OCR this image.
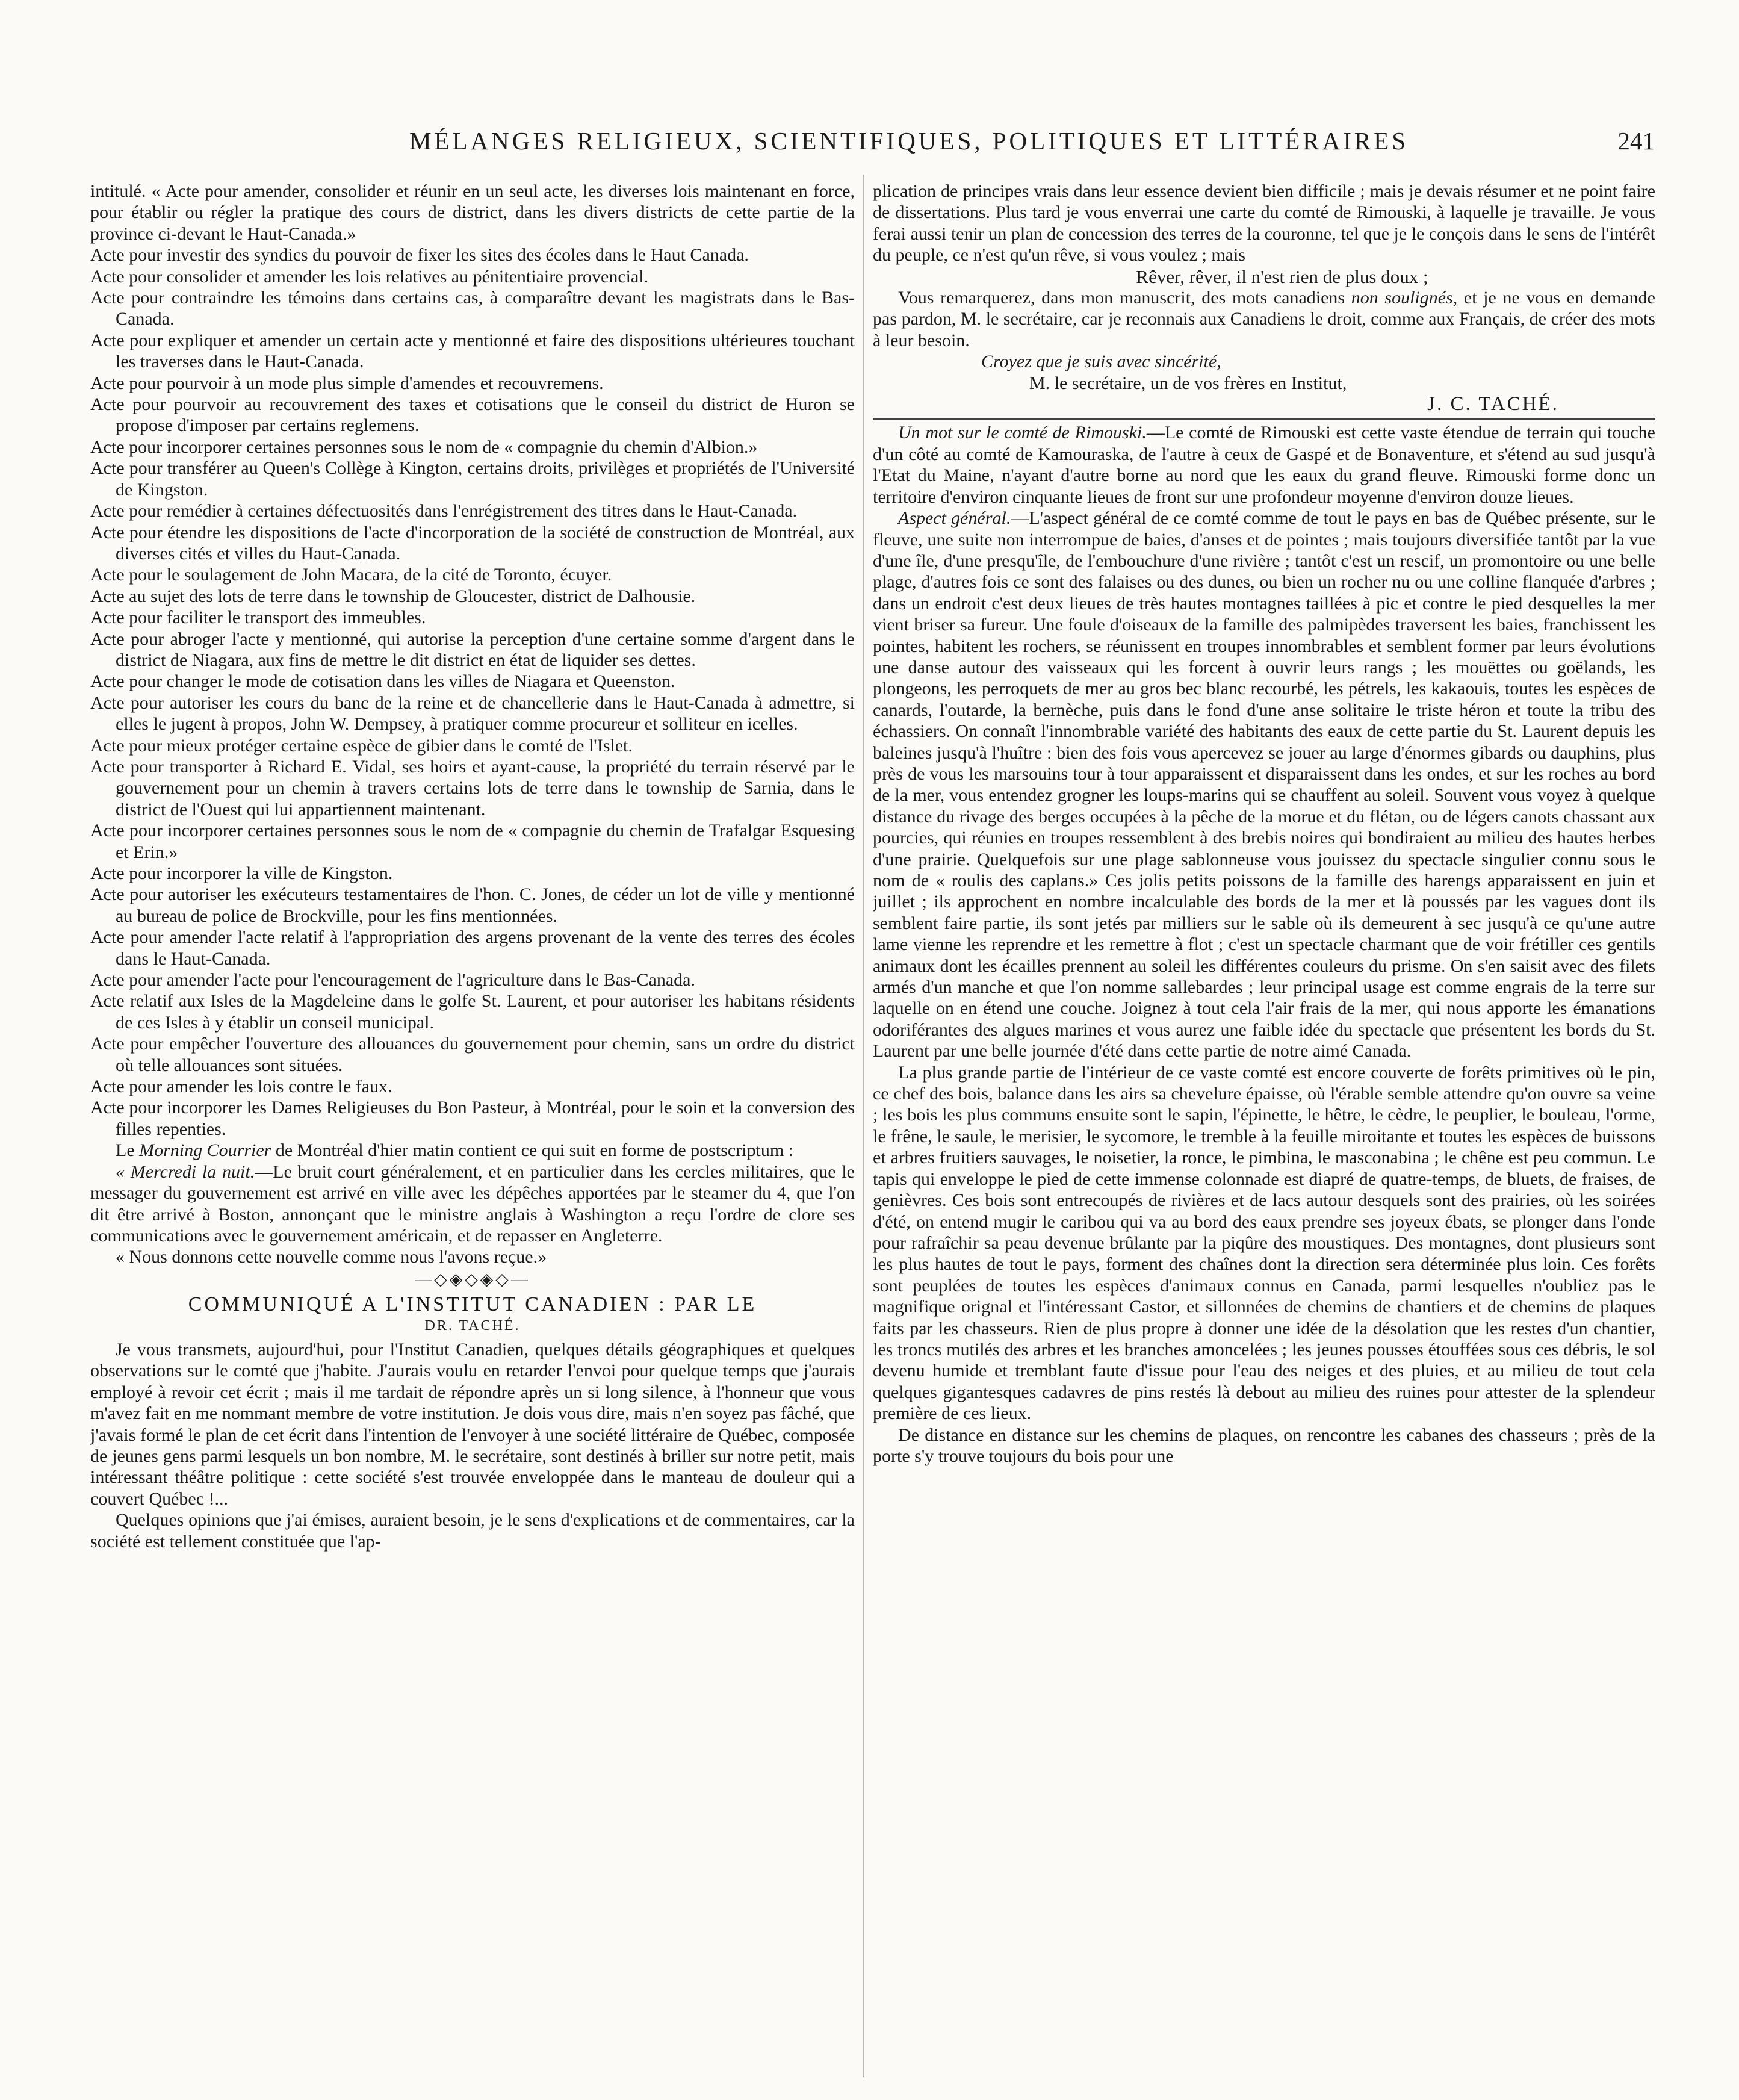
MÉLANGES RELIGIEUX, SCIENTIFIQUES, POLITIQUES ET LITTÉRAIRES	241

intitulé. « Acte pour amender, consolider et réunir en un seul acte, les diverses lois maintenant en force, pour établir ou régler la pratique des cours de district, dans les divers districts de cette partie de la province ci-devant le Haut-Canada.»

Acte pour investir des syndics du pouvoir de fixer les sites des écoles dans le Haut Canada.

Acte pour consolider et amender les lois relatives au pénitentiaire provencial.

Acte pour contraindre les témoins dans certains cas, à comparaître devant les magistrats dans le Bas-Canada.

Acte pour expliquer et amender un certain acte y mentionné et faire des dispositions ultérieures touchant les traverses dans le Haut-Canada.

Acte pour pourvoir à un mode plus simple d'amendes et recouvremens.

Acte pour pourvoir au recouvrement des taxes et cotisations que le conseil du district de Huron se propose d'imposer par certains reglemens.

Acte pour incorporer certaines personnes sous le nom de « compagnie du chemin d'Albion.»

Acte pour transférer au Queen's Collège à Kington, certains droits, privilèges et propriétés de l'Université de Kingston.

Acte pour remédier à certaines défectuosités dans l'enrégistrement des titres dans le Haut-Canada.

Acte pour étendre les dispositions de l'acte d'incorporation de la société de construction de Montréal, aux diverses cités et villes du Haut-Canada.

Acte pour le soulagement de John Macara, de la cité de Toronto, écuyer.

Acte au sujet des lots de terre dans le township de Gloucester, district de Dalhousie.

Acte pour faciliter le transport des immeubles.

Acte pour abroger l'acte y mentionné, qui autorise la perception d'une certaine somme d'argent dans le district de Niagara, aux fins de mettre le dit district en état de liquider ses dettes.

Acte pour changer le mode de cotisation dans les villes de Niagara et Queenston.

Acte pour autoriser les cours du banc de la reine et de chancellerie dans le Haut-Canada à admettre, si elles le jugent à propos, John W. Dempsey, à pratiquer comme procureur et solliteur en icelles.

Acte pour mieux protéger certaine espèce de gibier dans le comté de l'Islet.

Acte pour transporter à Richard E. Vidal, ses hoirs et ayant-cause, la propriété du terrain réservé par le gouvernement pour un chemin à travers certains lots de terre dans le township de Sarnia, dans le district de l'Ouest qui lui appartiennent maintenant.

Acte pour incorporer certaines personnes sous le nom de « compagnie du chemin de Trafalgar Esquesing et Erin.»

Acte pour incorporer la ville de Kingston.

Acte pour autoriser les exécuteurs testamentaires de l'hon. C. Jones, de céder un lot de ville y mentionné au bureau de police de Brockville, pour les fins mentionnées.

Acte pour amender l'acte relatif à l'appropriation des argens provenant de la vente des terres des écoles dans le Haut-Canada.

Acte pour amender l'acte pour l'encouragement de l'agriculture dans le Bas-Canada.

Acte relatif aux Isles de la Magdeleine dans le golfe St. Laurent, et pour autoriser les habitans résidents de ces Isles à y établir un conseil municipal.

Acte pour empêcher l'ouverture des allouances du gouvernement pour chemin, sans un ordre du district où telle allouances sont situées.

Acte pour amender les lois contre le faux.

Acte pour incorporer les Dames Religieuses du Bon Pasteur, à Montréal, pour le soin et la conversion des filles repenties.

Le Morning Courrier de Montréal d'hier matin contient ce qui suit en forme de postscriptum :

« Mercredi la nuit.—Le bruit court généralement, et en particulier dans les cercles militaires, que le messager du gouvernement est arrivé en ville avec les dépêches apportées par le steamer du 4, que l'on dit être arrivé à Boston, annonçant que le ministre anglais à Washington a reçu l'ordre de clore ses communications avec le gouvernement américain, et de repasser en Angleterre.

« Nous donnons cette nouvelle comme nous l'avons reçue.»

—◇◈◇◈◇—
COMMUNIQUÉ A L'INSTITUT CANADIEN : PAR LE
DR. TACHÉ.

Je vous transmets, aujourd'hui, pour l'Institut Canadien, quelques détails géographiques et quelques observations sur le comté que j'habite. J'aurais voulu en retarder l'envoi pour quelque temps que j'aurais employé à revoir cet écrit ; mais il me tardait de répondre après un si long silence, à l'honneur que vous m'avez fait en me nommant membre de votre institution. Je dois vous dire, mais n'en soyez pas fâché, que j'avais formé le plan de cet écrit dans l'intention de l'envoyer à une société littéraire de Québec, composée de jeunes gens parmi lesquels un bon nombre, M. le secrétaire, sont destinés à briller sur notre petit, mais intéressant théâtre politique : cette société s'est trouvée enveloppée dans le manteau de douleur qui a couvert Québec !...

Quelques opinions que j'ai émises, auraient besoin, je le sens d'explications et de commentaires, car la société est tellement constituée que l'ap-

plication de principes vrais dans leur essence devient bien difficile ; mais je devais résumer et ne point faire de dissertations. Plus tard je vous enverrai une carte du comté de Rimouski, à laquelle je travaille. Je vous ferai aussi tenir un plan de concession des terres de la couronne, tel que je le conçois dans le sens de l'intérêt du peuple, ce n'est qu'un rêve, si vous voulez ; mais

Rêver, rêver, il n'est rien de plus doux ;

Vous remarquerez, dans mon manuscrit, des mots canadiens non soulignés, et je ne vous en demande pas pardon, M. le secrétaire, car je reconnais aux Canadiens le droit, comme aux Français, de créer des mots à leur besoin.

Croyez que je suis avec sincérité,

M. le secrétaire, un de vos frères en Institut,

J. C. TACHÉ.

Un mot sur le comté de Rimouski.—Le comté de Rimouski est cette vaste étendue de terrain qui touche d'un côté au comté de Kamouraska, de l'autre à ceux de Gaspé et de Bonaventure, et s'étend au sud jusqu'à l'Etat du Maine, n'ayant d'autre borne au nord que les eaux du grand fleuve. Rimouski forme donc un territoire d'environ cinquante lieues de front sur une profondeur moyenne d'environ douze lieues.

Aspect général.—L'aspect général de ce comté comme de tout le pays en bas de Québec présente, sur le fleuve, une suite non interrompue de baies, d'anses et de pointes ; mais toujours diversifiée tantôt par la vue d'une île, d'une presqu'île, de l'embouchure d'une rivière ; tantôt c'est un rescif, un promontoire ou une belle plage, d'autres fois ce sont des falaises ou des dunes, ou bien un rocher nu ou une colline flanquée d'arbres ; dans un endroit c'est deux lieues de très hautes montagnes taillées à pic et contre le pied desquelles la mer vient briser sa fureur. Une foule d'oiseaux de la famille des palmipèdes traversent les baies, franchissent les pointes, habitent les rochers, se réunissent en troupes innombrables et semblent former par leurs évolutions une danse autour des vaisseaux qui les forcent à ouvrir leurs rangs ; les mouëttes ou goëlands, les plongeons, les perroquets de mer au gros bec blanc recourbé, les pétrels, les kakaouis, toutes les espèces de canards, l'outarde, la bernèche, puis dans le fond d'une anse solitaire le triste héron et toute la tribu des échassiers. On connaît l'innombrable variété des habitants des eaux de cette partie du St. Laurent depuis les baleines jusqu'à l'huître : bien des fois vous apercevez se jouer au large d'énormes gibards ou dauphins, plus près de vous les marsouins tour à tour apparaissent et disparaissent dans les ondes, et sur les roches au bord de la mer, vous entendez grogner les loups-marins qui se chauffent au soleil. Souvent vous voyez à quelque distance du rivage des berges occupées à la pêche de la morue et du flétan, ou de légers canots chassant aux pourcies, qui réunies en troupes ressemblent à des brebis noires qui bondiraient au milieu des hautes herbes d'une prairie. Quelquefois sur une plage sablonneuse vous jouissez du spectacle singulier connu sous le nom de « roulis des caplans.» Ces jolis petits poissons de la famille des harengs apparaissent en juin et juillet ; ils approchent en nombre incalculable des bords de la mer et là poussés par les vagues dont ils semblent faire partie, ils sont jetés par milliers sur le sable où ils demeurent à sec jusqu'à ce qu'une autre lame vienne les reprendre et les remettre à flot ; c'est un spectacle charmant que de voir frétiller ces gentils animaux dont les écailles prennent au soleil les différentes couleurs du prisme. On s'en saisit avec des filets armés d'un manche et que l'on nomme sallebardes ; leur principal usage est comme engrais de la terre sur laquelle on en étend une couche. Joignez à tout cela l'air frais de la mer, qui nous apporte les émanations odoriférantes des algues marines et vous aurez une faible idée du spectacle que présentent les bords du St. Laurent par une belle journée d'été dans cette partie de notre aimé Canada.

La plus grande partie de l'intérieur de ce vaste comté est encore couverte de forêts primitives où le pin, ce chef des bois, balance dans les airs sa chevelure épaisse, où l'érable semble attendre qu'on ouvre sa veine ; les bois les plus communs ensuite sont le sapin, l'épinette, le hêtre, le cèdre, le peuplier, le bouleau, l'orme, le frêne, le saule, le merisier, le sycomore, le tremble à la feuille miroitante et toutes les espèces de buissons et arbres fruitiers sauvages, le noisetier, la ronce, le pimbina, le masconabina ; le chêne est peu commun. Le tapis qui enveloppe le pied de cette immense colonnade est diapré de quatre-temps, de bluets, de fraises, de genièvres. Ces bois sont entrecoupés de rivières et de lacs autour desquels sont des prairies, où les soirées d'été, on entend mugir le caribou qui va au bord des eaux prendre ses joyeux ébats, se plonger dans l'onde pour rafraîchir sa peau devenue brûlante par la piqûre des moustiques. Des montagnes, dont plusieurs sont les plus hautes de tout le pays, forment des chaînes dont la direction sera déterminée plus loin. Ces forêts sont peuplées de toutes les espèces d'animaux connus en Canada, parmi lesquelles n'oubliez pas le magnifique orignal et l'intéressant Castor, et sillonnées de chemins de chantiers et de chemins de plaques faits par les chasseurs. Rien de plus propre à donner une idée de la désolation que les restes d'un chantier, les troncs mutilés des arbres et les branches amoncelées ; les jeunes pousses étouffées sous ces débris, le sol devenu humide et tremblant faute d'issue pour l'eau des neiges et des pluies, et au milieu de tout cela quelques gigantesques cadavres de pins restés là debout au milieu des ruines pour attester de la splendeur première de ces lieux.

De distance en distance sur les chemins de plaques, on rencontre les cabanes des chasseurs ; près de la porte s'y trouve toujours du bois pour une
